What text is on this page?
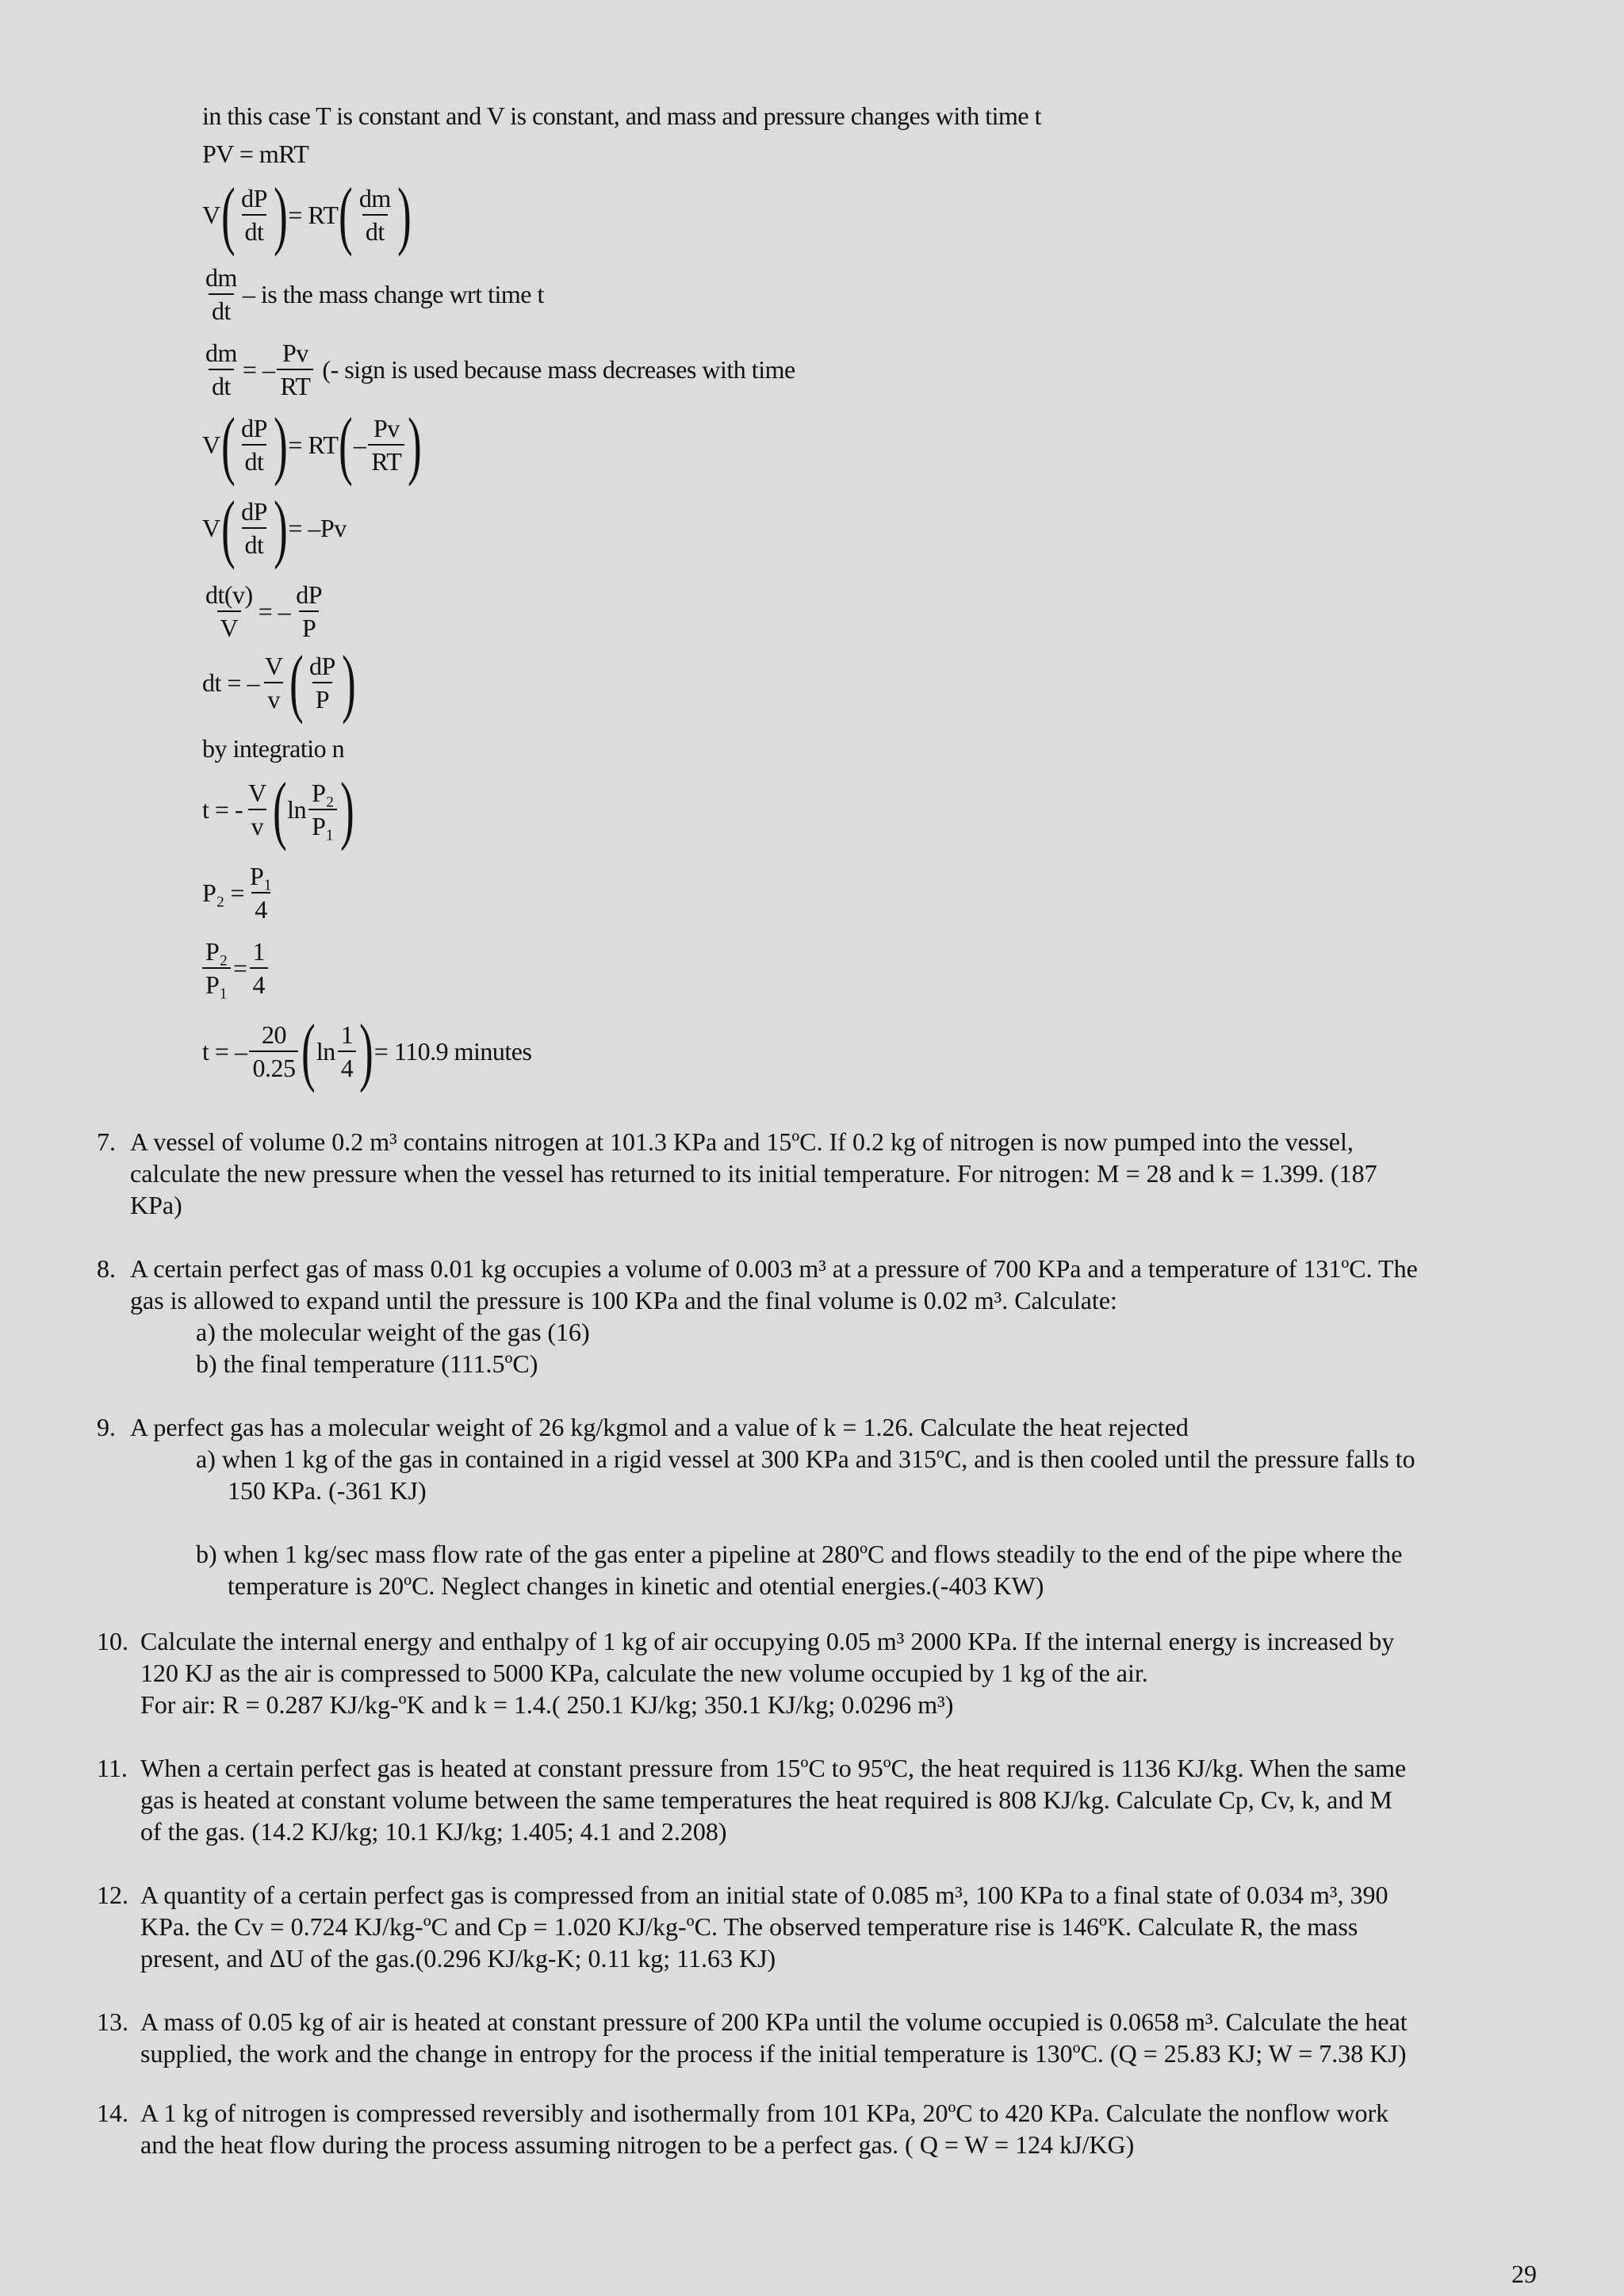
in this case T is constant and V is constant, and mass and pressure changes with time t
PV = mRT
V ( $\frac{dP}{dt}$ ) = RT ( $\frac{dm}{dt}$ )
$\frac{dm}{dt}$ – is the mass change wrt time t
$\frac{dm}{dt}$ = – $\frac{Pv}{RT}$ (- sign is used because mass decreases with time
V ( $\frac{dP}{dt}$ ) = RT ( – $\frac{Pv}{RT}$ )
V ( $\frac{dP}{dt}$ ) = –Pv
$\frac{dt(v)}{V}$ = – $\frac{dP}{P}$
dt = – $\frac{V}{v}$ ( $\frac{dP}{P}$ )
by integratio n
t = - $\frac{V}{v}$ ( $\ln \frac{\text{P₂}}{\text{P₁}}$ )
$P_2 = \frac{\text{P₁}}{4}$
$\frac{\text{P₂}}{\text{P₁}} = \frac{1}{4}$
t = – $\frac{20}{0.25}$ ( $\ln \frac{1}{4}$ ) = 110.9 minutes
7. A vessel of volume 0.2 m³ contains nitrogen at 101.3 KPa and 15ºC. If 0.2 kg of nitrogen is now pumped into the vessel,
calculate the new pressure when the vessel has returned to its initial temperature. For nitrogen: M = 28 and k = 1.399. (187
KPa)
8. A certain perfect gas of mass 0.01 kg occupies a volume of 0.003 m³ at a pressure of 700 KPa and a temperature of 131ºC. The
gas is allowed to expand until the pressure is 100 KPa and the final volume is 0.02 m³. Calculate:
a) the molecular weight of the gas (16)
b) the final temperature (111.5ºC)
9. A perfect gas has a molecular weight of 26 kg/kgmol and a value of k = 1.26. Calculate the heat rejected
a) when 1 kg of the gas in contained in a rigid vessel at 300 KPa and 315ºC, and is then cooled until the pressure falls to
150 KPa. (-361 KJ)
b) when 1 kg/sec mass flow rate of the gas enter a pipeline at 280ºC and flows steadily to the end of the pipe where the
temperature is 20ºC. Neglect changes in kinetic and otential energies.(-403 KW)
10. Calculate the internal energy and enthalpy of 1 kg of air occupying 0.05 m³ 2000 KPa. If the internal energy is increased by
120 KJ as the air is compressed to 5000 KPa, calculate the new volume occupied by 1 kg of the air.
For air: R = 0.287 KJ/kg-ºK and k = 1.4.( 250.1 KJ/kg; 350.1 KJ/kg; 0.0296 m³)
11. When a certain perfect gas is heated at constant pressure from 15ºC to 95ºC, the heat required is 1136 KJ/kg. When the same
gas is heated at constant volume between the same temperatures the heat required is 808 KJ/kg. Calculate Cp, Cv, k, and M
of the gas. (14.2 KJ/kg; 10.1 KJ/kg; 1.405; 4.1 and 2.208)
12. A quantity of a certain perfect gas is compressed from an initial state of 0.085 m³, 100 KPa to a final state of 0.034 m³, 390
KPa. the Cv = 0.724 KJ/kg-ºC and Cp = 1.020 KJ/kg-ºC. The observed temperature rise is 146ºK. Calculate R, the mass
present, and ΔU of the gas.(0.296 KJ/kg-K; 0.11 kg; 11.63 KJ)
13. A mass of 0.05 kg of air is heated at constant pressure of 200 KPa until the volume occupied is 0.0658 m³. Calculate the heat
supplied, the work and the change in entropy for the process if the initial temperature is 130ºC. (Q = 25.83 KJ; W = 7.38 KJ)
14. A 1 kg of nitrogen is compressed reversibly and isothermally from 101 KPa, 20ºC to 420 KPa. Calculate the nonflow work
and the heat flow during the process assuming nitrogen to be a perfect gas. ( Q = W = 124 kJ/KG)
29
